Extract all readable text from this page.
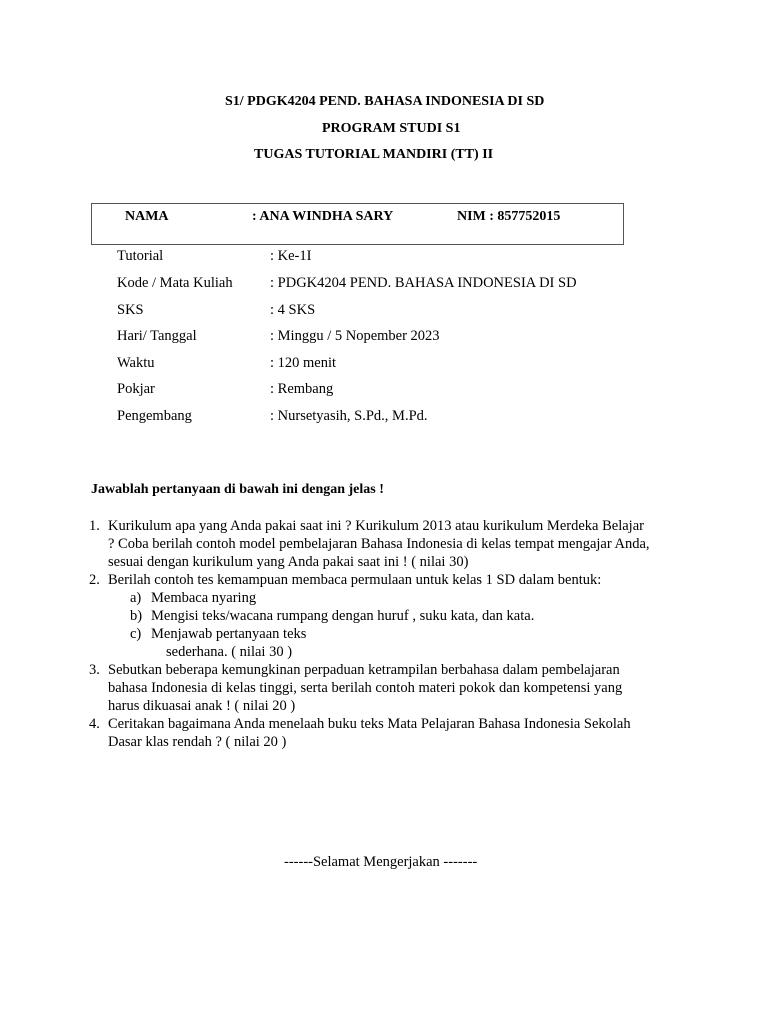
S1/ PDGK4204 PEND. BAHASA INDONESIA DI SD
PROGRAM STUDI S1
TUGAS TUTORIAL MANDIRI (TT) II
NAMA	: ANA WINDHA SARY	NIM : 857752015
Tutorial	: Ke-1I
Kode / Mata Kuliah	: PDGK4204 PEND. BAHASA INDONESIA DI SD
SKS	: 4 SKS
Hari/ Tanggal	: Minggu / 5 Nopember 2023
Waktu	: 120 menit
Pokjar	: Rembang
Pengembang	: Nursetyasih, S.Pd., M.Pd.
Jawablah pertanyaan di bawah ini dengan jelas !
1. Kurikulum apa yang Anda pakai saat ini ? Kurikulum 2013 atau kurikulum Merdeka Belajar
? Coba berilah contoh model pembelajaran Bahasa Indonesia di kelas tempat mengajar Anda,
sesuai dengan kurikulum yang Anda pakai saat ini ! ( nilai 30)
2. Berilah contoh tes kemampuan membaca permulaan untuk kelas 1 SD dalam bentuk:
a) Membaca nyaring
b) Mengisi teks/wacana rumpang dengan huruf , suku kata, dan kata.
c) Menjawab pertanyaan teks
sederhana. ( nilai 30 )
3. Sebutkan beberapa kemungkinan perpaduan ketrampilan berbahasa dalam pembelajaran
bahasa Indonesia di kelas tinggi, serta berilah contoh materi pokok dan kompetensi yang
harus dikuasai anak ! ( nilai 20 )
4. Ceritakan bagaimana Anda menelaah buku teks Mata Pelajaran Bahasa Indonesia Sekolah
Dasar klas rendah ? ( nilai 20 )
------Selamat Mengerjakan -------
